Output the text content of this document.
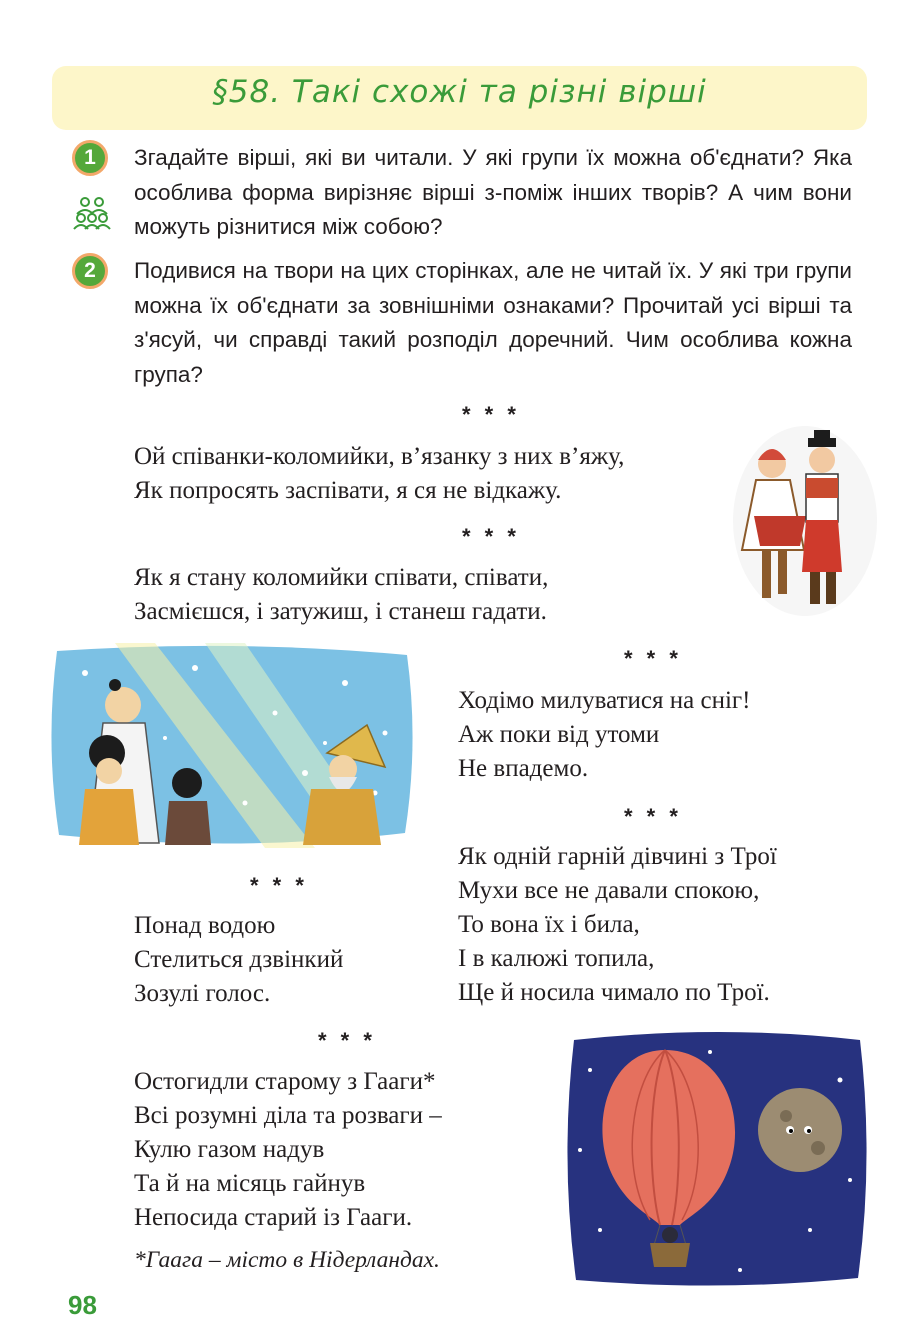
§58. Такі схожі та різні вірші
1	Згадайте вірші, які ви читали. У які групи їх можна об'єднати? Яка особлива форма вирізняє вірші з-поміж інших творів? А чим вони можуть різнитися між собою?
2	Подивися на твори на цих сторінках, але не читай їх. У які три групи можна їх об'єднати за зовнішніми ознаками? Прочитай усі вірші та з'ясуй, чи справді такий розподіл доречний. Чим особлива кожна група?
* * *
Ой співанки-коломийки, в’язанку з них в’яжу,
Як попросять заспівати, я ся не відкажу.
* * *
Як я стану коломийки співати, співати,
Засмієшся, і затужиш, і станеш гадати.
* * *
Ходімо милуватися на сніг!
Аж поки від утоми
Не впадемо.
* * *
Як одній гарній дівчині з Трої
Мухи все не давали спокою,
То вона їх і била,
І в калюжі топила,
Ще й носила чимало по Трої.
* * *
Понад водою
Стелиться дзвінкий
Зозулі голос.
* * *
Остогидли старому з Гааги*
Всі розумні діла та розваги –
Кулю газом надув
Та й на місяць гайнув
Непосида старий із Гааги.
*Гаага – місто в Нідерландах.
98
